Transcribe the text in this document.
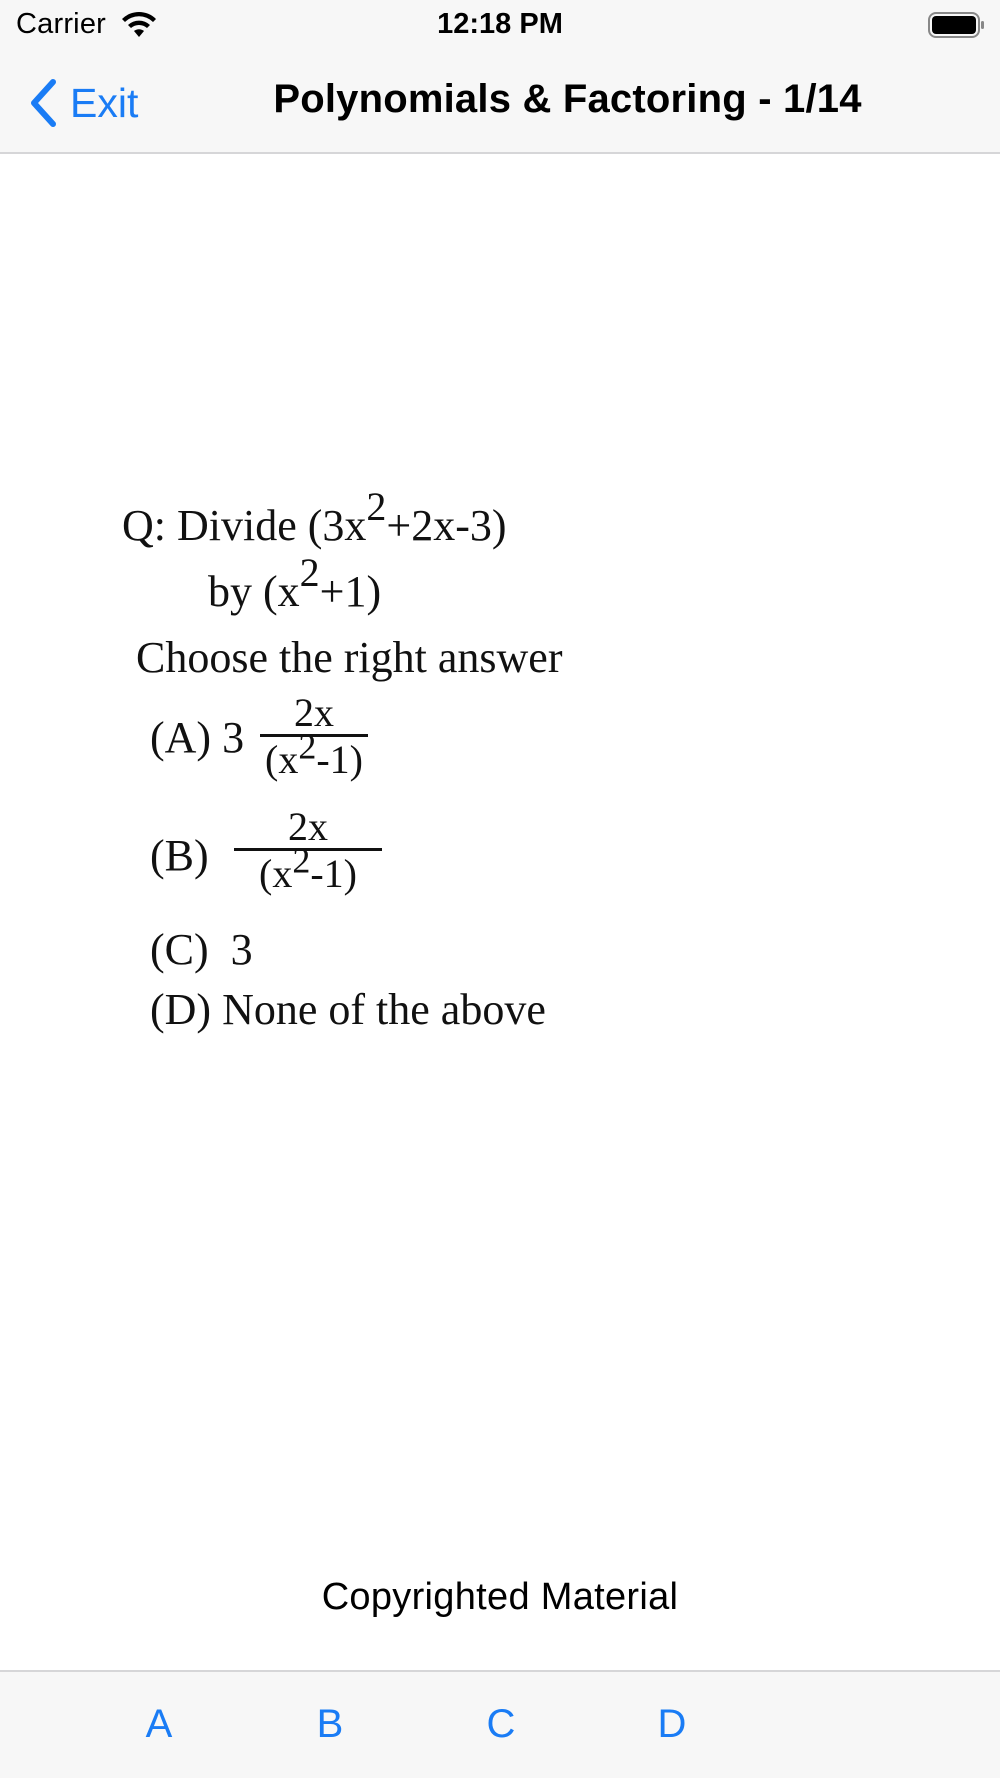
Carrier	12:18 PM
Exit	Polynomials & Factoring - 1/14
Q: Divide $(3x^2+2x-3)$
by $(x^2+1)$
Choose the right answer
(A) 3
2x
$(x^2-1)$
(B)
2x
$(x^2-1)$
(C)  3
(D) None of the above
Copyrighted Material
A	B	C	D
